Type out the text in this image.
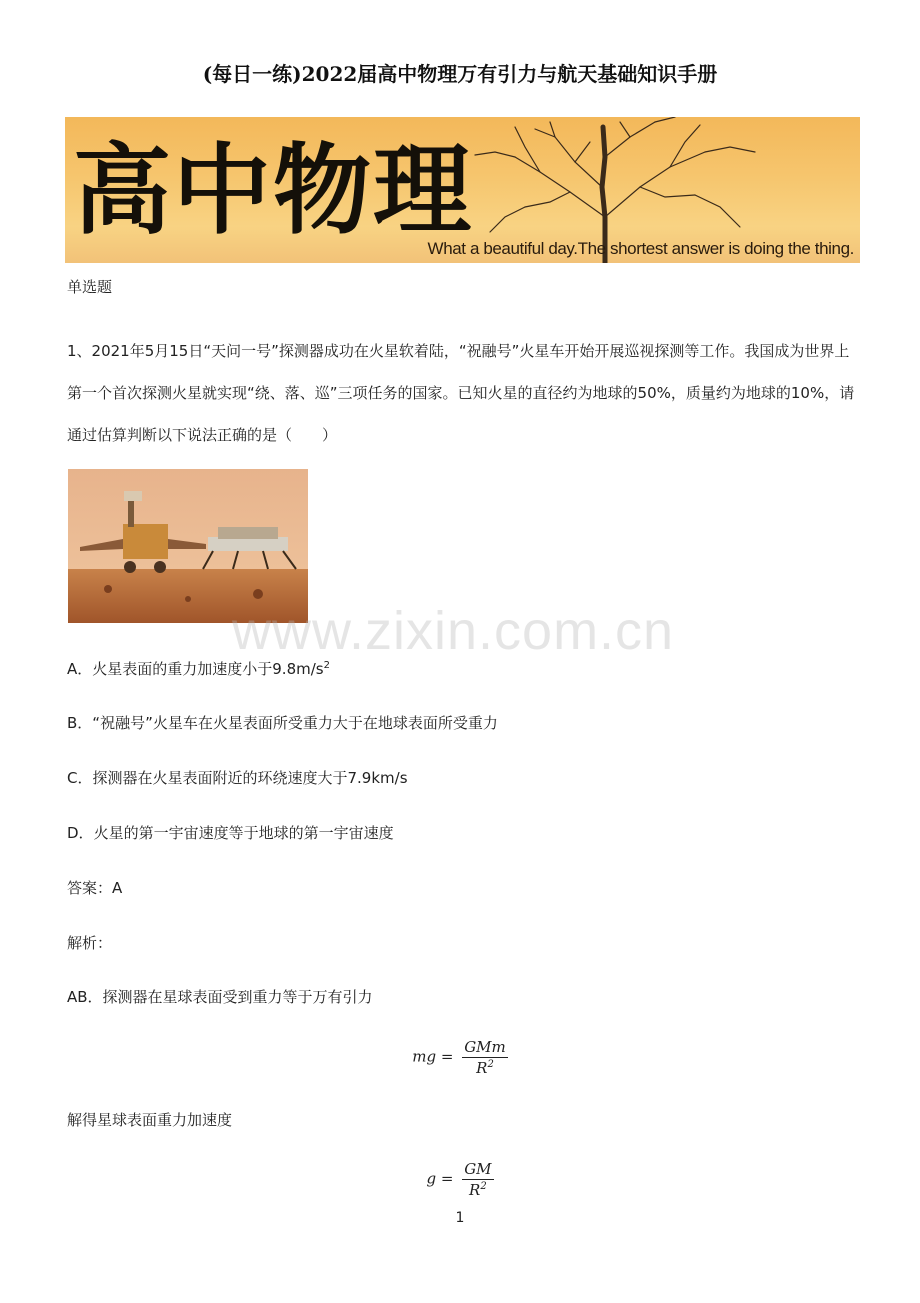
(每日一练)2022届高中物理万有引力与航天基础知识手册
高中物理
What a beautiful day.The shortest answer is doing the thing.
单选题
1、2021年5月15日“天问一号”探测器成功在火星软着陆，“祝融号”火星车开始开展巡视探测等工作。我国成为世界上第一个首次探测火星就实现“绕、落、巡”三项任务的国家。已知火星的直径约为地球的50%，质量约为地球的10%，请通过估算判断以下说法正确的是（　　）
www.zixin.com.cn
A．火星表面的重力加速度小于$9.8m/s^2$
B．“祝融号”火星车在火星表面所受重力大于在地球表面所受重力
C．探测器在火星表面附近的环绕速度大于7.9km/s
D．火星的第一宇宙速度等于地球的第一宇宙速度
答案：A
解析：
AB．探测器在星球表面受到重力等于万有引力
mg = $\frac{\text{GMm}}{R^2}$
解得星球表面重力加速度
$g = \frac{GM}{R^2}$
1
